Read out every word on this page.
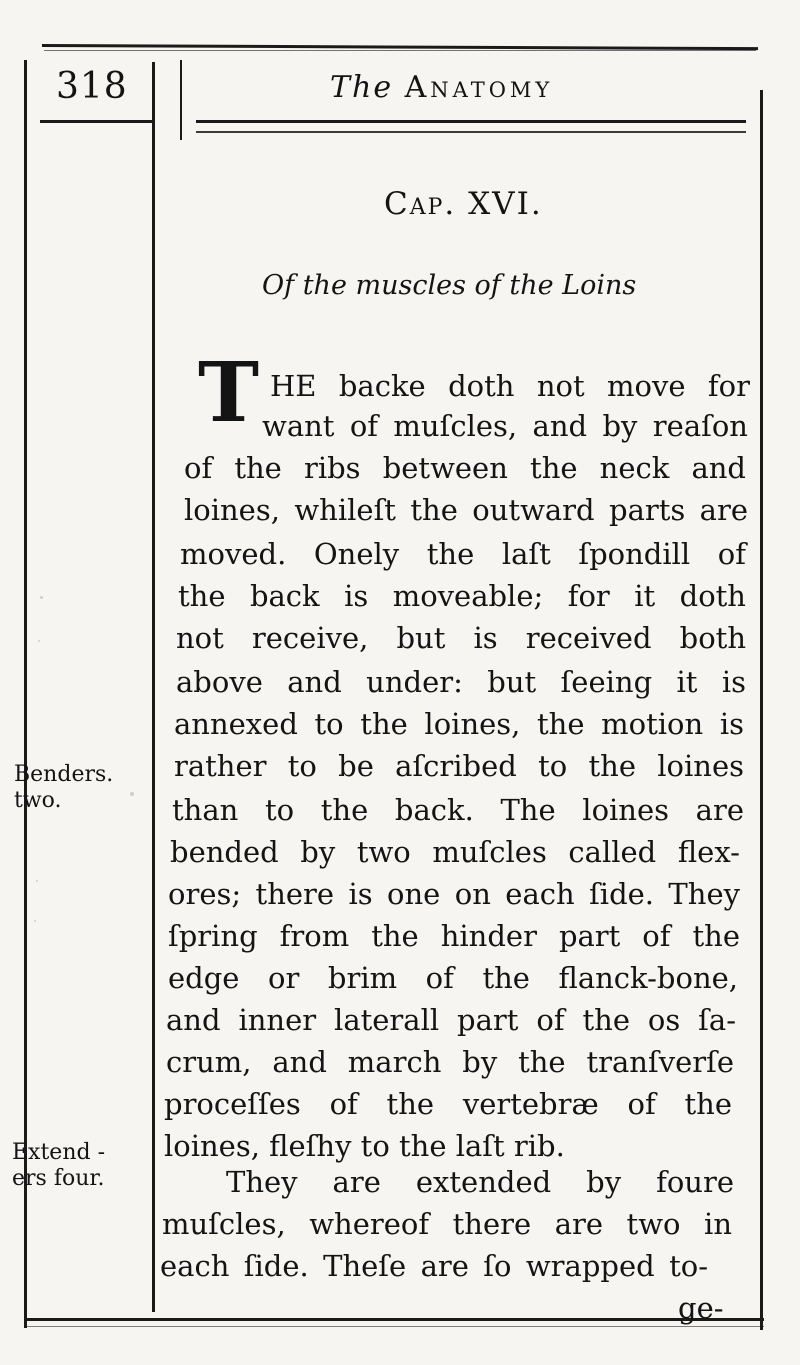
318	The Anatomy
Cap. XVI.
Of the muscles of the Loins
T HE backe doth not move for
want of muſcles, and by reaſon
of the ribs between the neck and
loines, whileſt the outward parts are
moved. Onely the laſt ſpondill of
the back is moveable; for it doth
not receive, but is received both
above and under: but ſeeing it is
annexed to the loines, the motion is
rather to be aſcribed to the loines
than to the back. The loines are
bended by two muſcles called flex-
ores; there is one on each ſide. They
ſpring from the hinder part of the
edge or brim of the flanck-bone,
and inner laterall part of the os ſa-
crum, and march by the tranſverſe
proceſſes of the vertebræ of the
loines, fleſhy to the laſt rib.
They are extended by foure
muſcles, whereof there are two in
each ſide. Theſe are ſo wrapped to-
ge-
Benders.
two.
Extend -
ers four.
